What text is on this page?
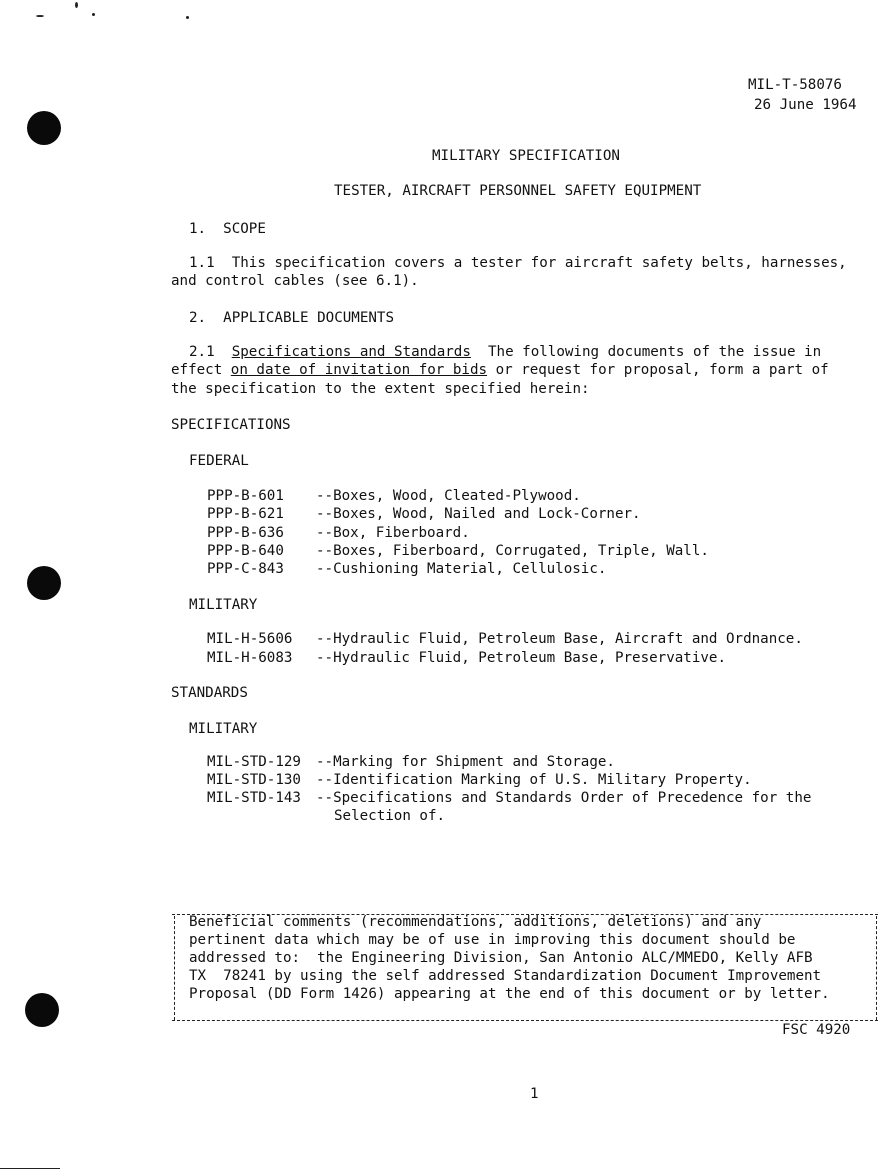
MIL-T-58076
26 June 1964
MILITARY SPECIFICATION
TESTER, AIRCRAFT PERSONNEL SAFETY EQUIPMENT
1.  SCOPE
1.1  This specification covers a tester for aircraft safety belts, harnesses,
and control cables (see 6.1).
2.  APPLICABLE DOCUMENTS
2.1 Specifications and Standards The following documents of the issue in
effect on date of invitation for bids or request for proposal, form a part of
the specification to the extent specified herein:
SPECIFICATIONS
FEDERAL
PPP-B-601 --Boxes, Wood, Cleated-Plywood.
PPP-B-621 --Boxes, Wood, Nailed and Lock-Corner.
PPP-B-636 --Box, Fiberboard.
PPP-B-640 --Boxes, Fiberboard, Corrugated, Triple, Wall.
PPP-C-843 --Cushioning Material, Cellulosic.
MILITARY
MIL-H-5606 --Hydraulic Fluid, Petroleum Base, Aircraft and Ordnance.
MIL-H-6083 --Hydraulic Fluid, Petroleum Base, Preservative.
STANDARDS
MILITARY
MIL-STD-129 --Marking for Shipment and Storage.
MIL-STD-130 --Identification Marking of U.S. Military Property.
MIL-STD-143 --Specifications and Standards Order of Precedence for the
Selection of.
Beneficial comments (recommendations, additions, deletions) and any
pertinent data which may be of use in improving this document should be
addressed to:  the Engineering Division, San Antonio ALC/MMEDO, Kelly AFB
TX  78241 by using the self addressed Standardization Document Improvement
Proposal (DD Form 1426) appearing at the end of this document or by letter.
FSC 4920
1
